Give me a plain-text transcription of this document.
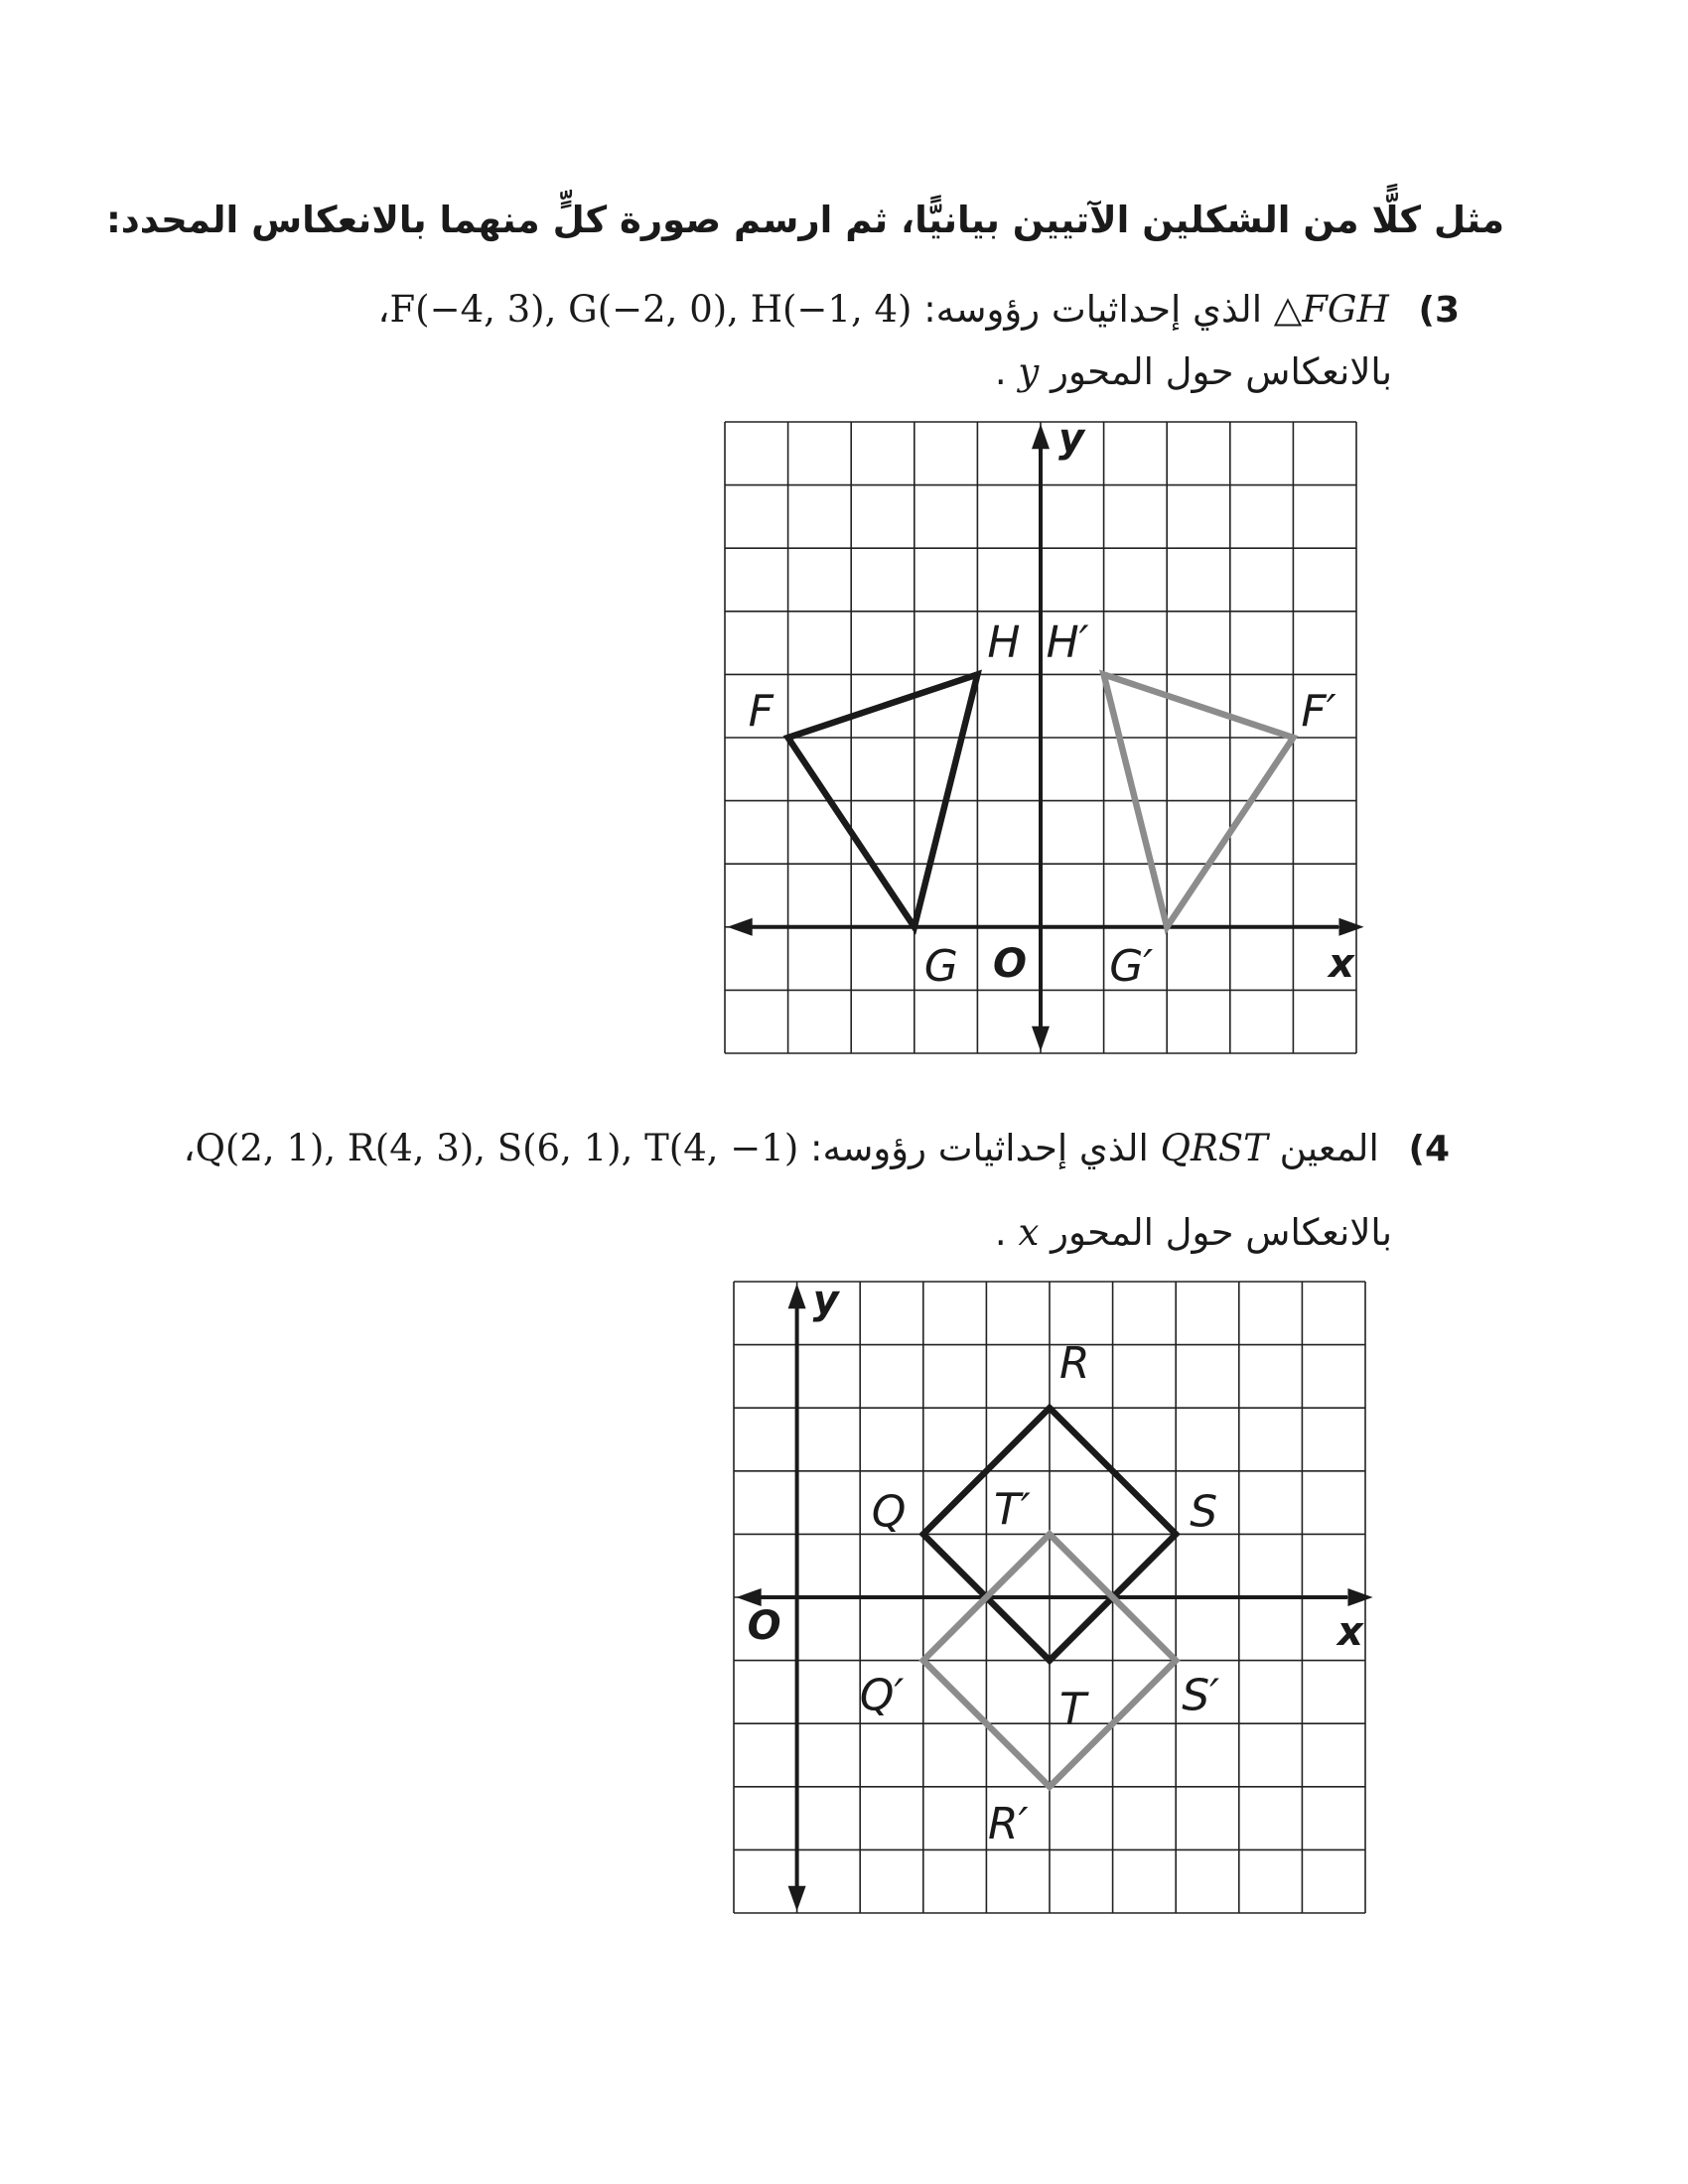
مثل كلًّا من الشكلين الآتيين بيانيًّا، ثم ارسم صورة كلٍّ منهما بالانعكاس المحدد:
3) △FGH الذي إحداثيات رؤوسه: F(−4, 3), G(−2, 0), H(−1, 4)،
بالانعكاس حول المحور y .
4) المعين QRST الذي إحداثيات رؤوسه: Q(2, 1), R(4, 3), S(6, 1), T(4, −1)،
بالانعكاس حول المحور x .
x
y
O
F
G
H
F′
G′
H′
x
y
O
Q
R
S
T
Q′
R′
S′
T′
